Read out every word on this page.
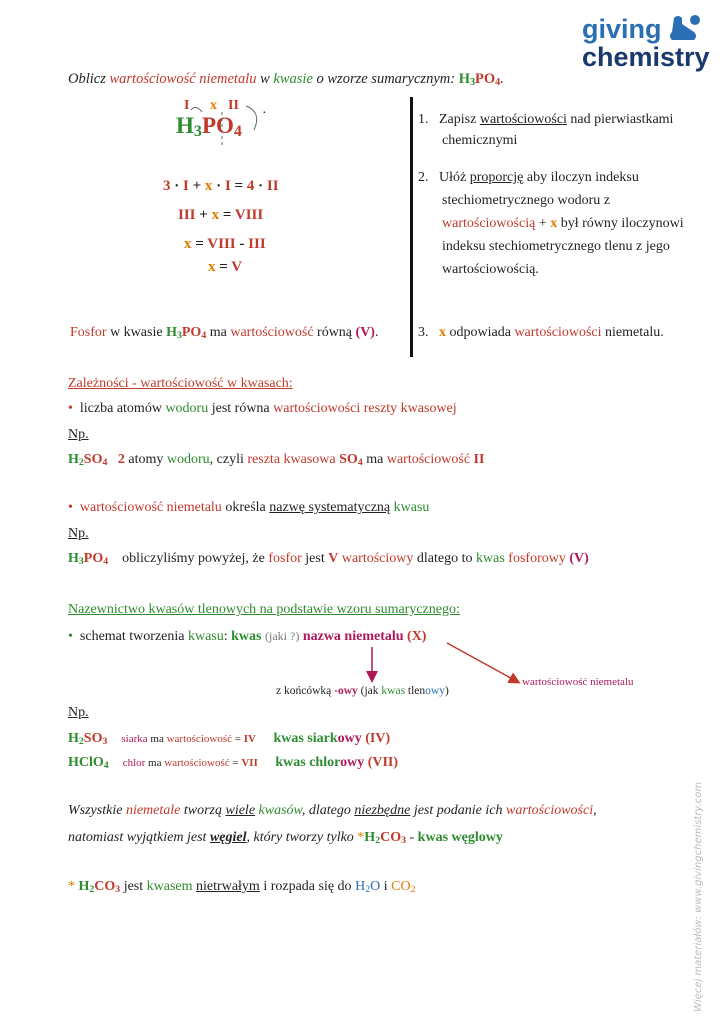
giving
chemistry
Oblicz wartościowość niemetalu w kwasie o wzorze sumarycznym: $H_3PO_4$.
I x II
$H_3PO_4$
·
3 · I + x · I = 4 · II
III + x = VIII
x = VIII - III
x = V
Fosfor w kwasie $H_3PO_4$ ma wartościowość równą (V).
1. Zapisz wartościowości nad pierwiastkami
chemicznymi
2. Ułóż proporcję aby iloczyn indeksu
stechiometrycznego wodoru z
wartościowością + x był równy iloczynowi
indeksu stechiometrycznego tlenu z jego
wartościowością.
3. x odpowiada wartościowości niemetalu.
Zależności - wartościowość w kwasach:
• liczba atomów wodoru jest równa wartościowości reszty kwasowej
Np.
$H_2SO_4$ 2 atomy wodoru, czyli reszta kwasowa $SO_4$ ma wartościowość II
• wartościowość niemetalu określa nazwę systematyczną kwasu
Np.
$H_3PO_4$ obliczyliśmy powyżej, że fosfor jest V wartościowy dlatego to kwas fosforowy (V)
Nazewnictwo kwasów tlenowych na podstawie wzoru sumarycznego:
• schemat tworzenia kwasu: kwas (jaki ?) nazwa niemetalu (X)
wartościowość niemetalu
z końcówką -owy (jak kwas tlenowy)
Np.
$H_2SO_3$ siarka ma wartościowość = IV kwas siarkowy (IV)
HClO$_4$ chlor ma wartościowość = VII kwas chlorowy (VII)
Wszystkie niemetale tworzą wiele kwasów, dlatego niezbędne jest podanie ich wartościowości,
natomiast wyjątkiem jest węgiel, który tworzy tylko $*H_2CO_3$ - kwas węglowy
* $H_2CO_3$ jest kwasem nietrwałym i rozpada się do $H_2O$ i $CO_2$	Więcej materiałów: www.givingchemistry.com
